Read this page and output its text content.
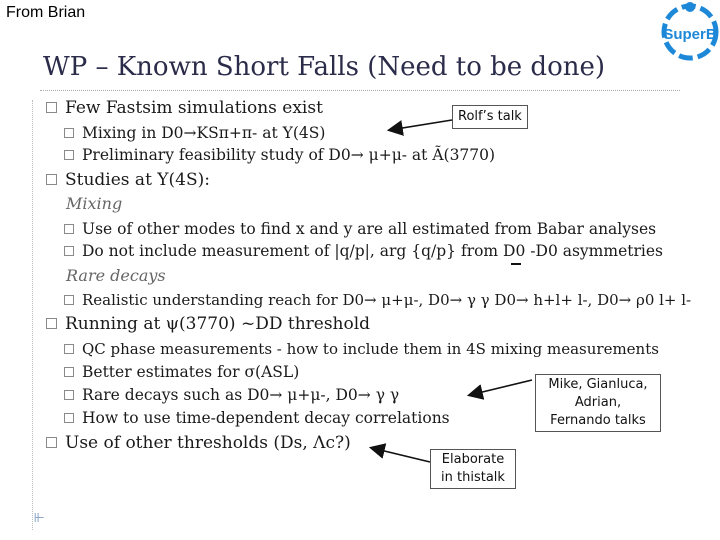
From Brian
SuperB
WP – Known Short Falls (Need to be done)
Few Fastsim simulations exist
Mixing in D0→KSπ+π- at Υ(4S)
Preliminary feasibility study of D0→ μ+μ- at Ã(3770)
Studies at Υ(4S):
Mixing
Use of other modes to find x and y are all estimated from Babar analyses
Do not include measurement of |q/p|, arg {q/p} from D0 -D0 asymmetries
Rare decays
Realistic understanding reach for D0→ μ+μ-, D0→ γ γ D0→ h+l+ l-, D0→ ρ0 l+ l-
Running at ψ(3770) ~DD threshold
QC phase measurements - how to include them in 4S mixing measurements
Better estimates for σ(ASL)
Rare decays such as D0→ μ+μ-, D0→ γ γ
How to use time-dependent decay correlations
Use of other thresholds (Ds, Λc?)
Rolf’s talk
Mike, Gianluca,
Adrian,
Fernando talks
Elaborate
in thistalk
⫦
